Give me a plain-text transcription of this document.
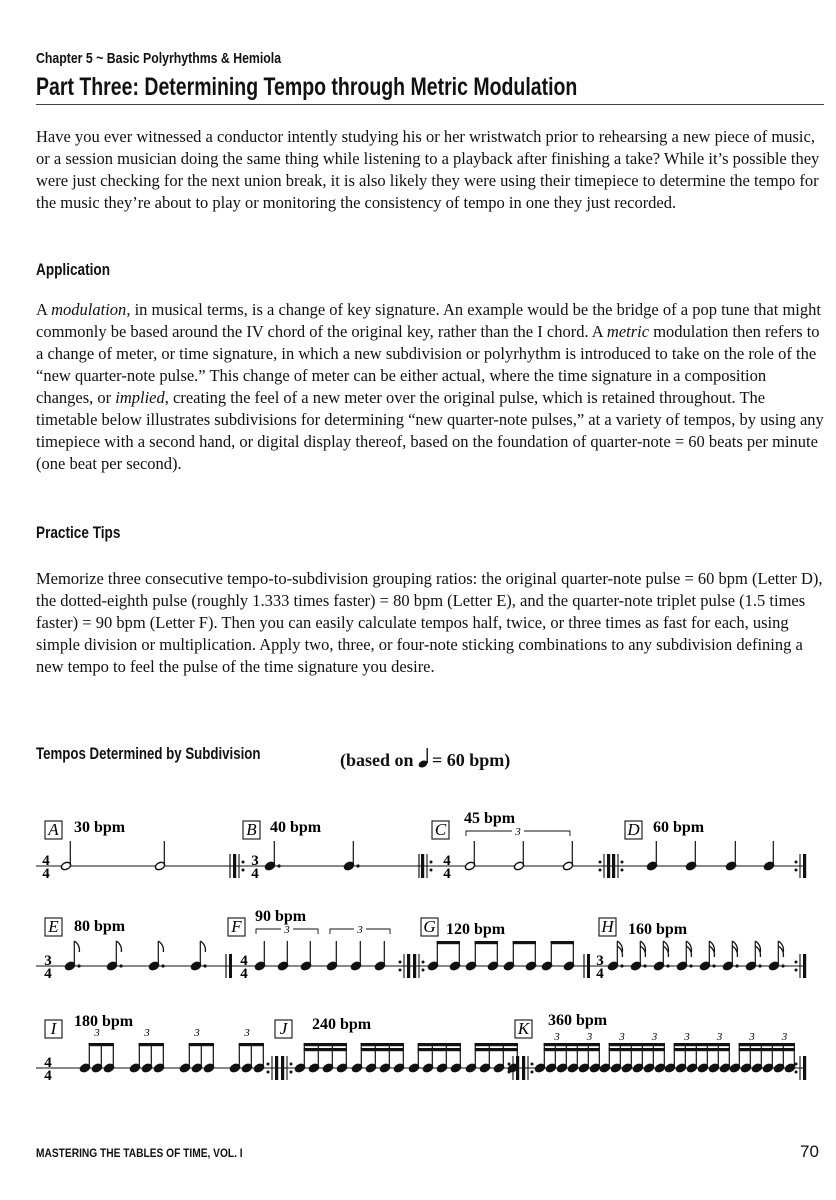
Chapter 5 ~ Basic Polyrhythms & Hemiola
Part Three: Determining Tempo through Metric Modulation

Have you ever witnessed a conductor intently studying his or her wristwatch prior to rehearsing a new piece of music, or a session musician doing the same thing while listening to a playback after finishing a take? While it’s possible they were just checking for the next union break, it is also likely they were using their timepiece to determine the tempo for the music they’re about to play or monitoring the consistency of tempo in one they just recorded.

Application

A modulation, in musical terms, is a change of key signature. An example would be the bridge of a pop tune that might commonly be based around the IV chord of the original key, rather than the I chord. A metric modulation then refers to a change of meter, or time signature, in which a new subdivision or polyrhythm is introduced to take on the role of the “new quarter-note pulse.” This change of meter can be either actual, where the time signature in a composition changes, or implied, creating the feel of a new meter over the original pulse, which is retained throughout. The timetable below illustrates subdivisions for determining “new quarter-note pulses,” at a variety of tempos, by using any timepiece with a second hand, or digital display thereof, based on the foundation of quarter-note = 60 beats per minute (one beat per second).

Practice Tips

Memorize three consecutive tempo-to-subdivision grouping ratios: the original quarter-note pulse = 60 bpm (Letter D), the dotted-eighth pulse (roughly 1.333 times faster) = 80 bpm (Letter E), and the quarter-note triplet pulse (1.5 times faster) = 90 bpm (Letter F). Then you can easily calculate tempos half, twice, or three times as fast for each, using simple division or multiplication. Apply two, three, or four-note sticking combinations to any subdivision defining a new tempo to feel the pulse of the time signature you desire.

Tempos Determined by Subdivision	(based on = 60 bpm)
A 30 bpm
4
4
B 40 bpm
3
4
C
45 bpm
3
4
4
D 60 bpm
E 80 bpm
3
4
F
90 bpm
3	3
4
4
G 120 bpm	H 160 bpm
3
4
I 180 bpm
4
4
3	3	3	3 J 240 bpm	K 360 bpm
3 3 3 3 3 3 3 3
MASTERING THE TABLES OF TIME, VOL. I	70
